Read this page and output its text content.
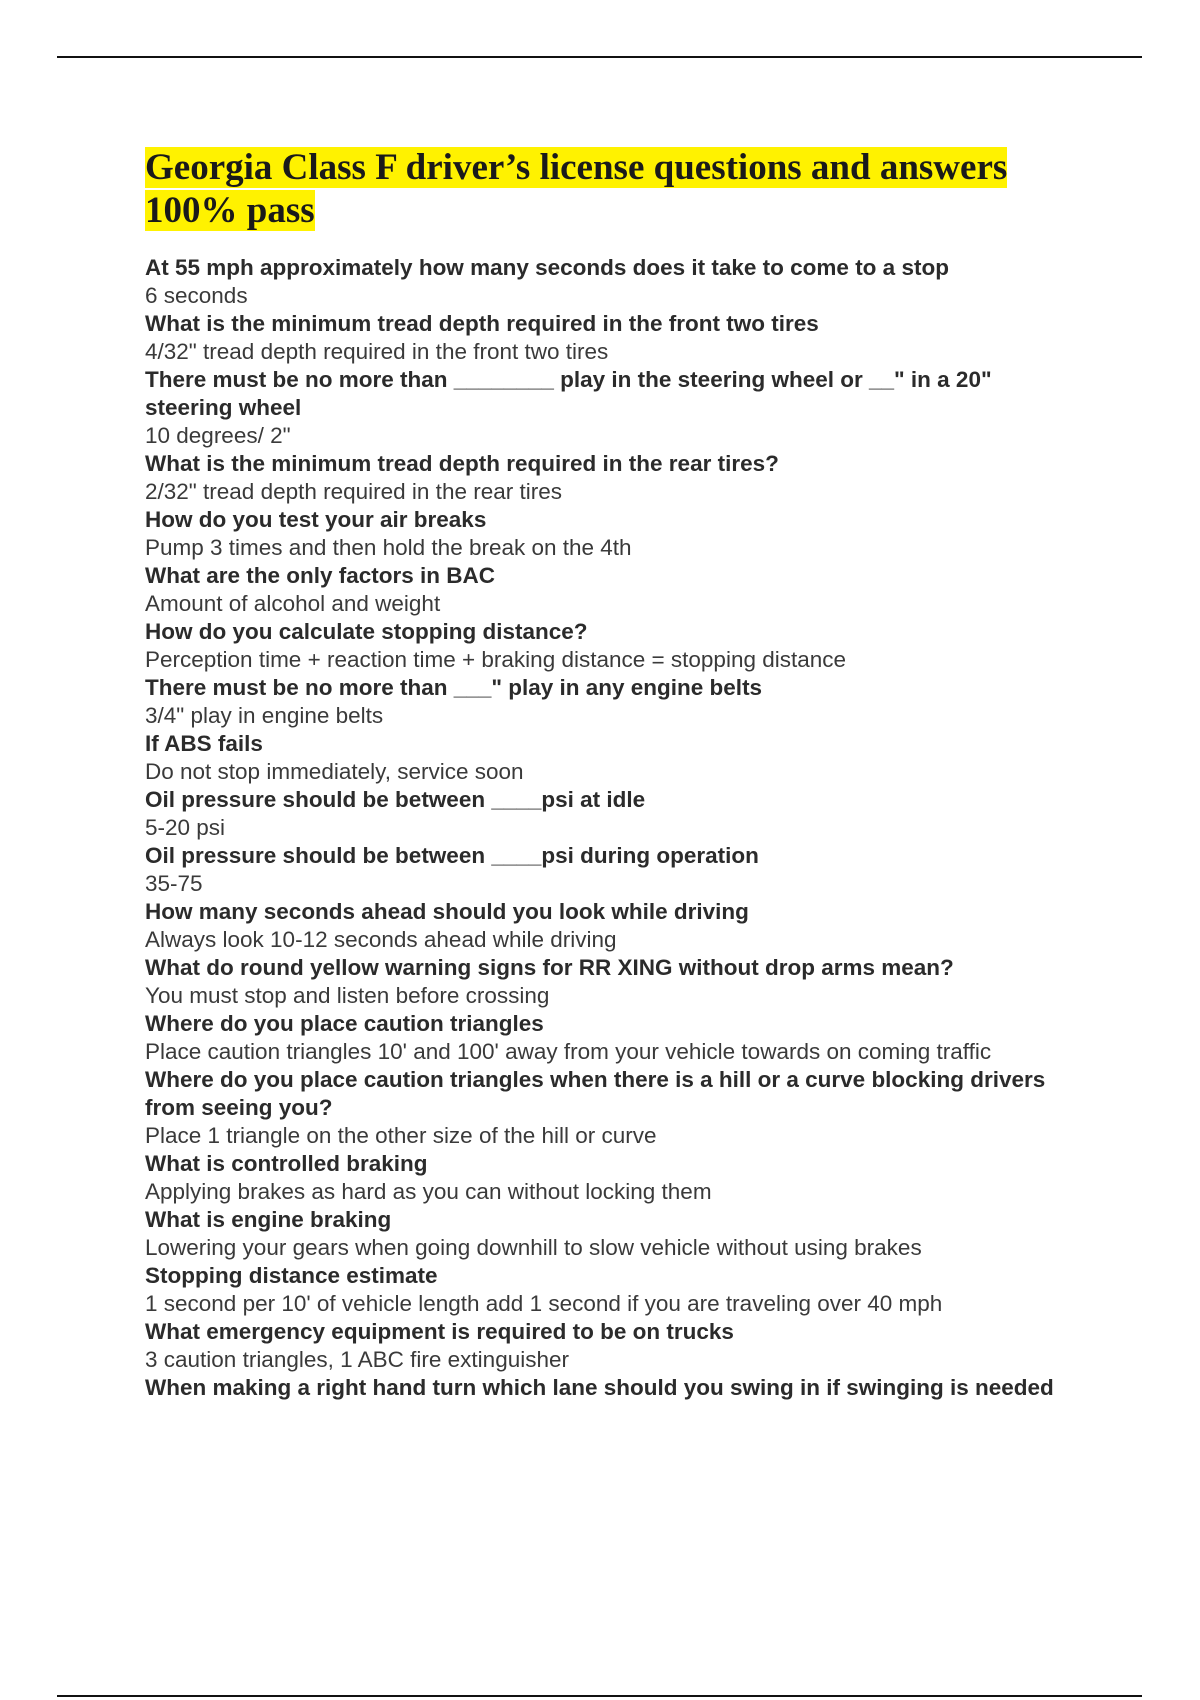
Georgia Class F driver’s license questions and answers 100% pass
At 55 mph approximately how many seconds does it take to come to a stop
6 seconds
What is the minimum tread depth required in the front two tires
4/32" tread depth required in the front two tires
There must be no more than ________ play in the steering wheel or __" in a 20" steering wheel
10 degrees/ 2"
What is the minimum tread depth required in the rear tires?
2/32" tread depth required in the rear tires
How do you test your air breaks
Pump 3 times and then hold the break on the 4th
What are the only factors in BAC
Amount of alcohol and weight
How do you calculate stopping distance?
Perception time + reaction time + braking distance = stopping distance
There must be no more than ___" play in any engine belts
3/4" play in engine belts
If ABS fails
Do not stop immediately, service soon
Oil pressure should be between ____psi at idle
5-20 psi
Oil pressure should be between ____psi during operation
35-75
How many seconds ahead should you look while driving
Always look 10-12 seconds ahead while driving
What do round yellow warning signs for RR XING without drop arms mean?
You must stop and listen before crossing
Where do you place caution triangles
Place caution triangles 10' and 100' away from your vehicle towards on coming traffic
Where do you place caution triangles when there is a hill or a curve blocking drivers from seeing you?
Place 1 triangle on the other size of the hill or curve
What is controlled braking
Applying brakes as hard as you can without locking them
What is engine braking
Lowering your gears when going downhill to slow vehicle without using brakes
Stopping distance estimate
1 second per 10' of vehicle length add 1 second if you are traveling over 40 mph
What emergency equipment is required to be on trucks
3 caution triangles, 1 ABC fire extinguisher
When making a right hand turn which lane should you swing in if swinging is needed
